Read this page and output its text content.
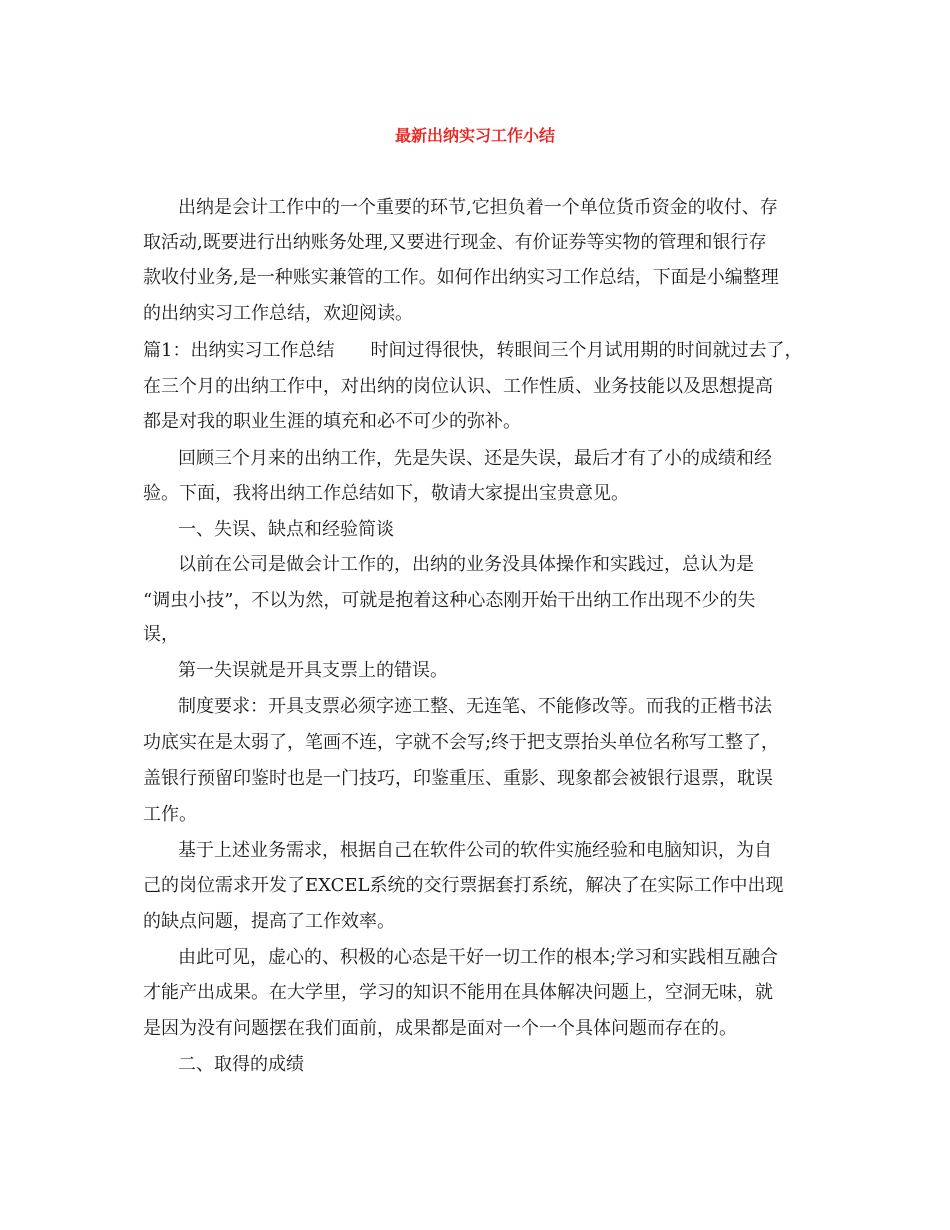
最新出纳实习工作小结
出纳是会计工作中的一个重要的环节,它担负着一个单位货币资金的收付、存
取活动,既要进行出纳账务处理,又要进行现金、有价证券等实物的管理和银行存
款收付业务,是一种账实兼管的工作。如何作出纳实习工作总结，下面是小编整理
的出纳实习工作总结，欢迎阅读。
篇1：出纳实习工作总结　　时间过得很快，转眼间三个月试用期的时间就过去了，
在三个月的出纳工作中，对出纳的岗位认识、工作性质、业务技能以及思想提高
都是对我的职业生涯的填充和必不可少的弥补。
回顾三个月来的出纳工作，先是失误、还是失误，最后才有了小的成绩和经
验。下面，我将出纳工作总结如下，敬请大家提出宝贵意见。
一、失误、缺点和经验简谈
以前在公司是做会计工作的，出纳的业务没具体操作和实践过，总认为是
“调虫小技”，不以为然，可就是抱着这种心态刚开始干出纳工作出现不少的失
误，
第一失误就是开具支票上的错误。
制度要求：开具支票必须字迹工整、无连笔、不能修改等。而我的正楷书法
功底实在是太弱了，笔画不连，字就不会写;终于把支票抬头单位名称写工整了，
盖银行预留印鉴时也是一门技巧，印鉴重压、重影、现象都会被银行退票，耽误
工作。
基于上述业务需求，根据自己在软件公司的软件实施经验和电脑知识，为自
己的岗位需求开发了EXCEL系统的交行票据套打系统，解决了在实际工作中出现
的缺点问题，提高了工作效率。
由此可见，虚心的、积极的心态是干好一切工作的根本;学习和实践相互融合
才能产出成果。在大学里，学习的知识不能用在具体解决问题上，空洞无味，就
是因为没有问题摆在我们面前，成果都是面对一个一个具体问题而存在的。
二、取得的成绩
